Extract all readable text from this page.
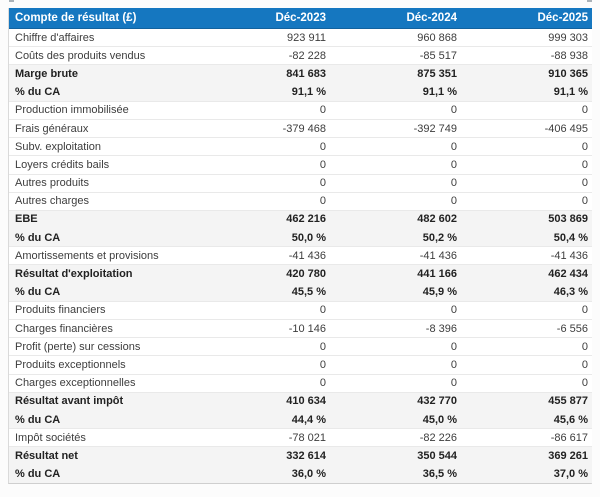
Compte de résultat (£)	Déc-2023	Déc-2024	Déc-2025
Chiffre d'affaires	923 911	960 868	999 303
Coûts des produits vendus	-82 228	-85 517	-88 938
Marge brute	841 683	875 351	910 365
% du CA	91,1 %	91,1 %	91,1 %
Production immobilisée	0	0	0
Frais généraux	-379 468	-392 749	-406 495
Subv. exploitation	0	0	0
Loyers crédits bails	0	0	0
Autres produits	0	0	0
Autres charges	0	0	0
EBE	462 216	482 602	503 869
% du CA	50,0 %	50,2 %	50,4 %
Amortissements et provisions	-41 436	-41 436	-41 436
Résultat d'exploitation	420 780	441 166	462 434
% du CA	45,5 %	45,9 %	46,3 %
Produits financiers	0	0	0
Charges financières	-10 146	-8 396	-6 556
Profit (perte) sur cessions	0	0	0
Produits exceptionnels	0	0	0
Charges exceptionnelles	0	0	0
Résultat avant impôt	410 634	432 770	455 877
% du CA	44,4 %	45,0 %	45,6 %
Impôt sociétés	-78 021	-82 226	-86 617
Résultat net	332 614	350 544	369 261
% du CA	36,0 %	36,5 %	37,0 %
